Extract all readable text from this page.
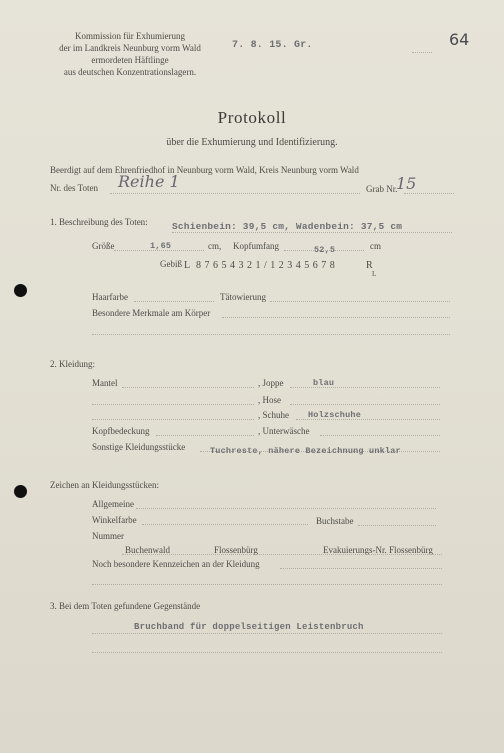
Kommission für Exhumierung
der im Landkreis Neunburg vorm Wald
ermordeten Häftlinge
aus deutschen Konzentrationslagern.
7. 8. 15. Gr.	64
Protokoll
über die Exhumierung und Identifizierung.
Beerdigt auf dem Ehrenfriedhof in Neunburg vorm Wald, Kreis Neunburg vorm Wald
Nr. des Toten Reihe 1	Grab Nr.
15
1. Beschreibung des Toten:	Schienbein: 39,5 cm, Wadenbein: 37,5 cm
Größe	1,65	cm, Kopfumfang	52,5	cm
Gebiß L 8 7 6 5 4 3 2 1 / 1 2 3 4 5 6 7 8	R
L
Haarfarbe	Tätowierung
Besondere Merkmale am Körper
2. Kleidung:
Mantel	, Joppe	blau
, Hose
, Schuhe Holzschuhe
Kopfbedeckung	, Unterwäsche
Sonstige Kleidungsstücke	Tuchreste, nähere Bezeichnung unklar
Zeichen an Kleidungsstücken:
Allgemeine
Winkelfarbe	Buchstabe
Nummer
Buchenwald	Flossenbürg	Evakuierungs-Nr. Flossenbürg
Noch besondere Kennzeichen an der Kleidung
3. Bei dem Toten gefundene Gegenstände
Bruchband für doppelseitigen Leistenbruch
